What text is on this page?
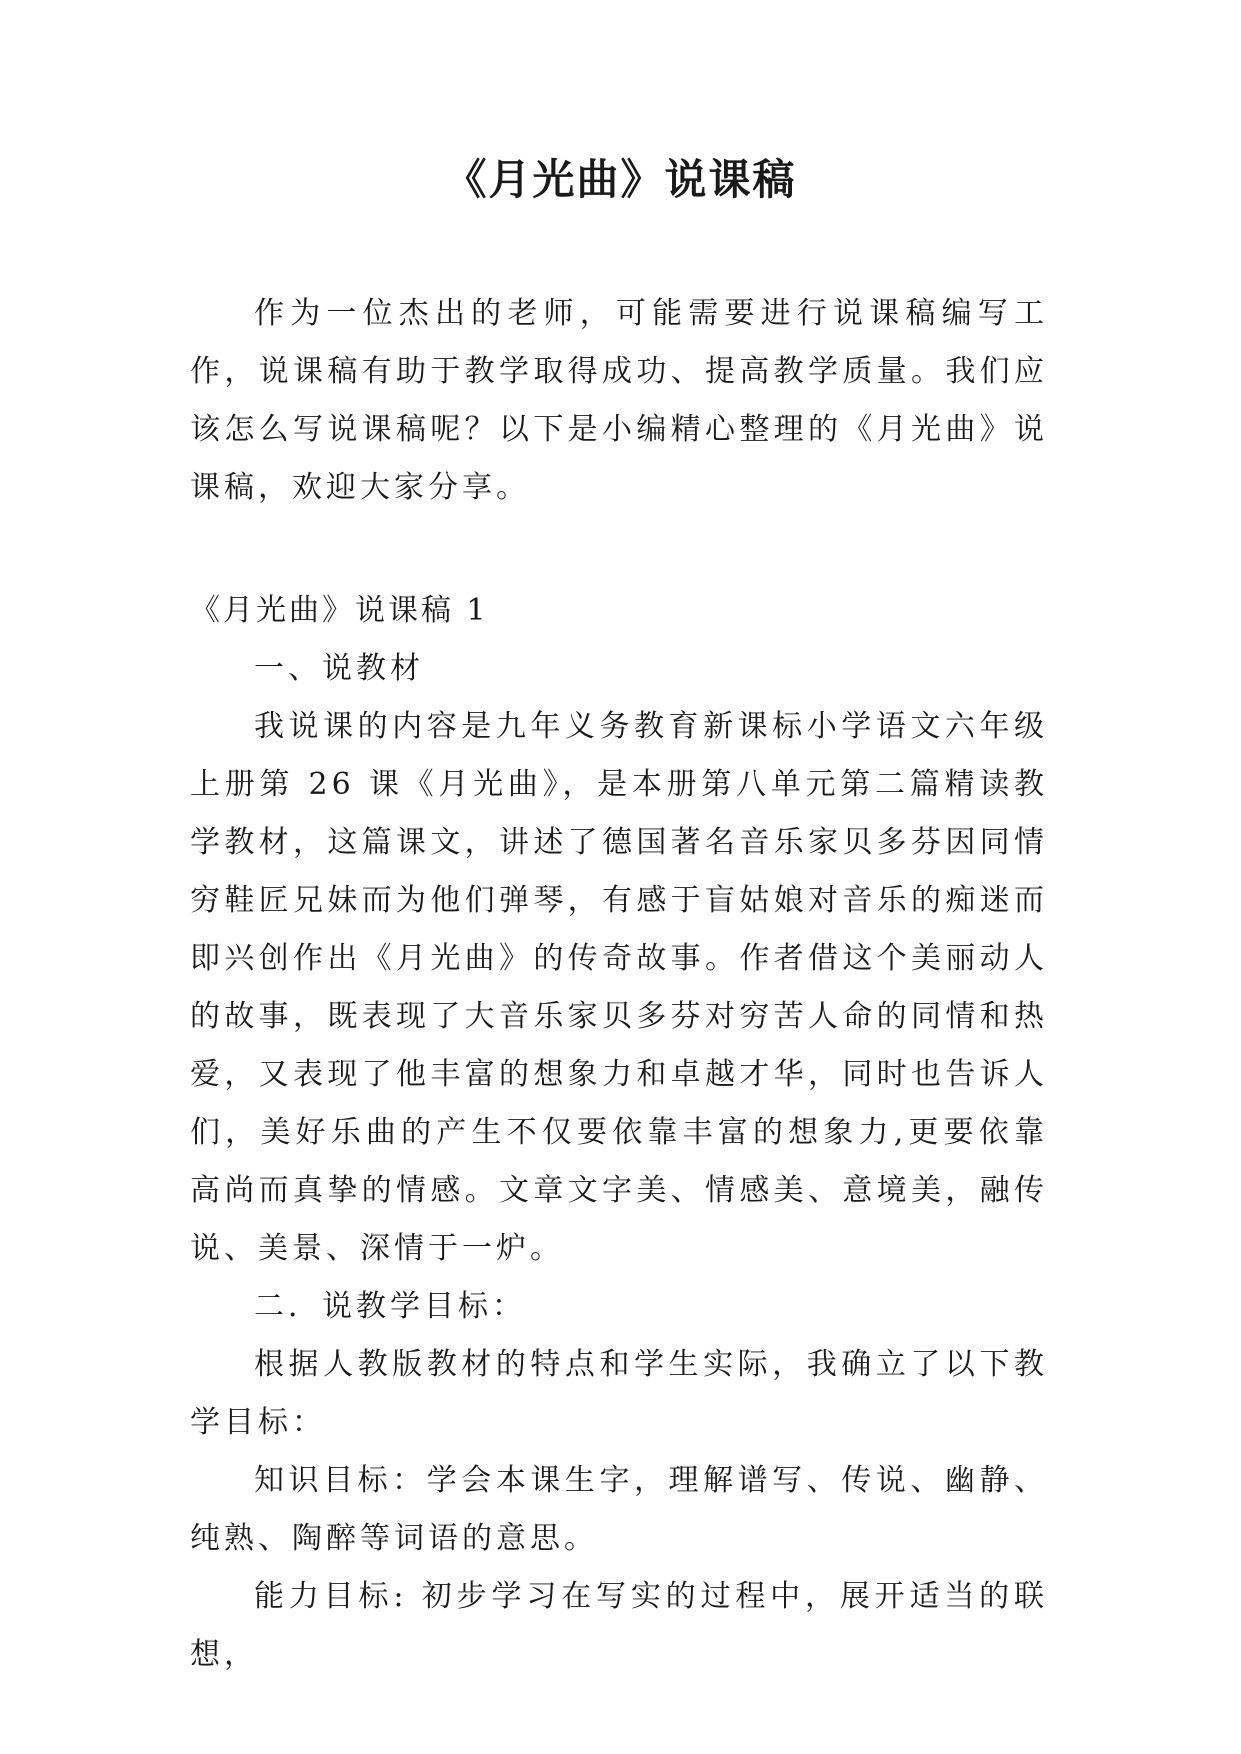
《月光曲》说课稿

作为一位杰出的老师，可能需要进行说课稿编写工作，说课稿有助于教学取得成功、提高教学质量。我们应该怎么写说课稿呢？以下是小编精心整理的《月光曲》说课稿，欢迎大家分享。

《月光曲》说课稿 1

一、说教材

我说课的内容是九年义务教育新课标小学语文六年级上册第 26 课《月光曲》，是本册第八单元第二篇精读教学教材，这篇课文，讲述了德国著名音乐家贝多芬因同情穷鞋匠兄妹而为他们弹琴，有感于盲姑娘对音乐的痴迷而即兴创作出《月光曲》的传奇故事。作者借这个美丽动人的故事，既表现了大音乐家贝多芬对穷苦人命的同情和热爱，又表现了他丰富的想象力和卓越才华，同时也告诉人们，美好乐曲的产生不仅要依靠丰富的想象力,更要依靠高尚而真挚的情感。文章文字美、情感美、意境美，融传说、美景、深情于一炉。

二．说教学目标：

根据人教版教材的特点和学生实际，我确立了以下教学目标：

知识目标：学会本课生字，理解谱写、传说、幽静、纯熟、陶醉等词语的意思。

能力目标: 初步学习在写实的过程中，展开适当的联想，
